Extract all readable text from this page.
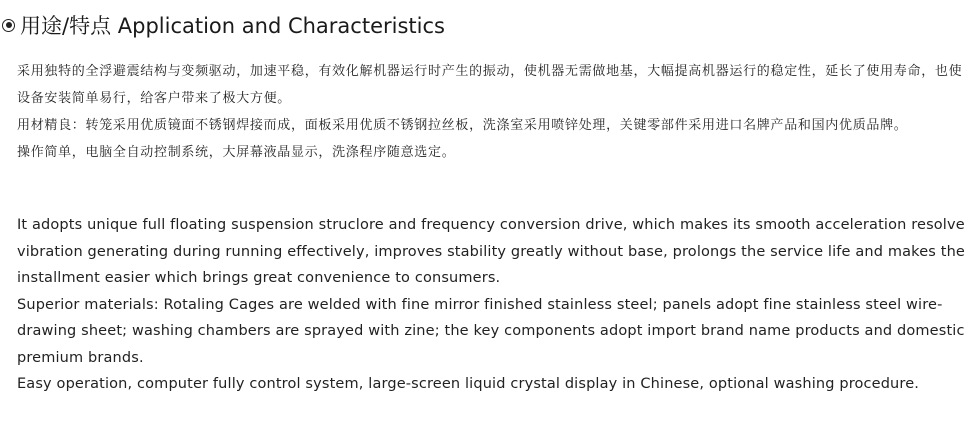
用途/特点 Application and Characteristics

采用独特的全浮避震结构与变频驱动，加速平稳，有效化解机器运行时产生的振动，使机器无需做地基，大幅提高机器运行的稳定性，延长了使用寿命，也使设备安装简单易行，给客户带来了极大方便。

用材精良：转笼采用优质镜面不锈钢焊接而成，面板采用优质不锈钢拉丝板，洗涤室采用喷锌处理，关键零部件采用进口名牌产品和国内优质品牌。

操作简单，电脑全自动控制系统，大屏幕液晶显示，洗涤程序随意选定。

It adopts unique full floating suspension struclore and frequency conversion drive, which makes its smooth acceleration resolve vibration generating during running effectively, improves stability greatly without base, prolongs the service life and makes the installment easier which brings great convenience to consumers.

Superior materials: Rotaling Cages are welded with fine mirror finished stainless steel; panels adopt fine stainless steel wire-drawing sheet; washing chambers are sprayed with zine; the key components adopt import brand name products and domestic premium brands.

Easy operation, computer fully control system, large-screen liquid crystal display in Chinese, optional washing procedure.
